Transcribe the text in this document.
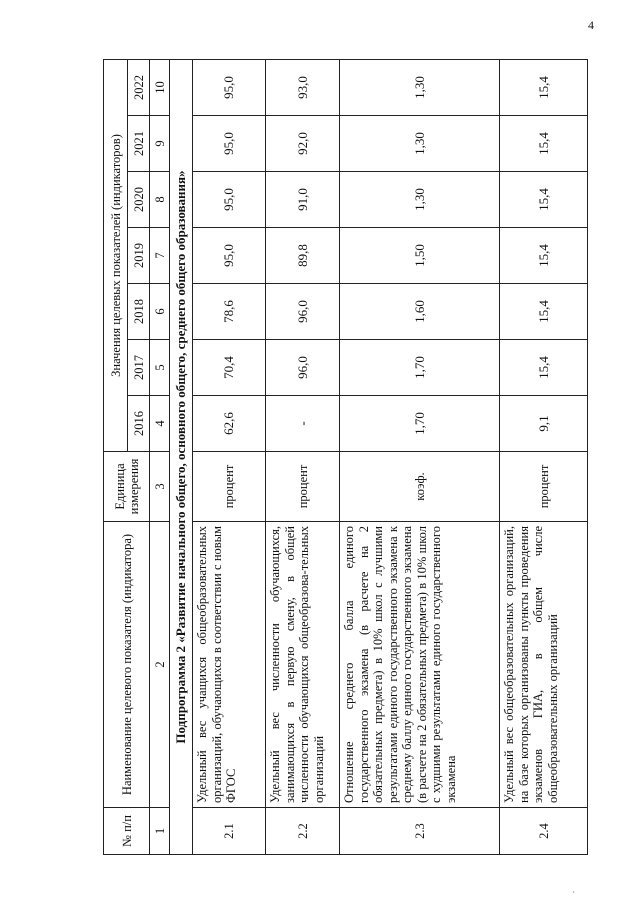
4
ˎ
№ п/п	Наименование целевого показателя (индикатора)	Единица измерения	Значения целевых показателей (индикаторов)						
			2016	2017	2018	2019	2020	2021	2022
1	2	3	4	5	6	7	8	9	10
Подпрограмма 2 «Развитие начального общего, основного общего, среднего общего образования»									
2.1	Удельный вес учащихся общеобразовательных организаций, обучающихся в соответствии с новым ФГОС	процент	62,6	70,4	78,6	95,0	95,0	95,0	95,0
2.2	Удельный вес численности обучающихся, занимающихся в первую смену, в общей численности обучающихся общеобразова-тельных организаций	процент	-	96,0	96,0	89,8	91,0	92,0	93,0
2.3	Отношение среднего балла единого государственного экзамена (в расчете на 2 обязательных предмета) в 10% школ с лучшими результатами единого государственного экзамена к среднему баллу единого государственного экзамена (в расчете на 2 обязательных предмета) в 10% школ с худшими результатами единого государственного экзамена	коэф.	1,70	1,70	1,60	1,50	1,30	1,30	1,30
2.4	Удельный вес общеобразовательных организаций, на базе которых организованы пункты проведения экзаменов ГИА, в общем числе общеобразовательных организаций	процент	9,1	15,4	15,4	15,4	15,4	15,4	15,4
